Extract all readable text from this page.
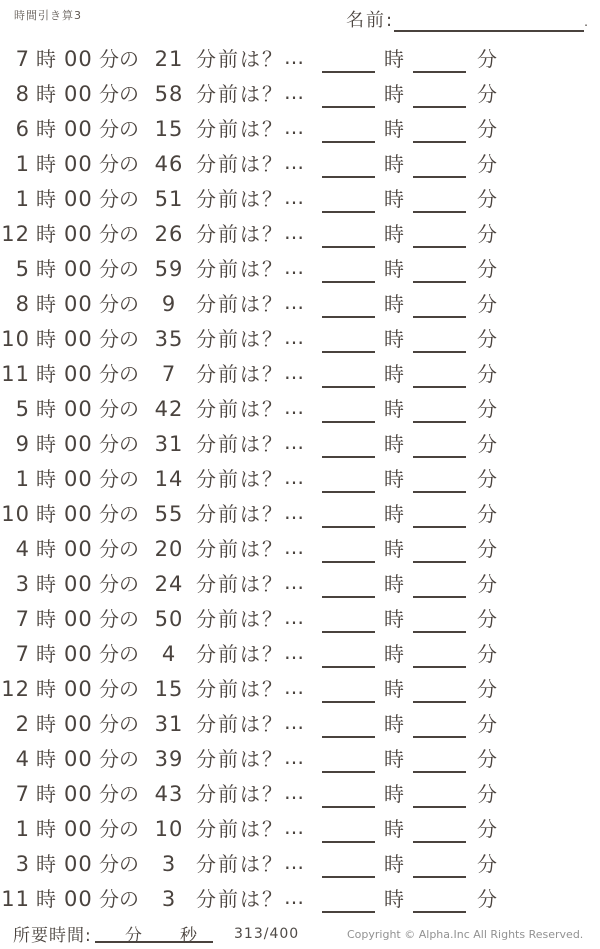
時間引き算3	名前:	.
7 時 00 分の 21 分前は？ …	時	分
8 時 00 分の 58 分前は？ …	時	分
6 時 00 分の 15 分前は？ …	時	分
1 時 00 分の 46 分前は？ …	時	分
1 時 00 分の 51 分前は？ …	時	分
12 時 00 分の 26 分前は？ …	時	分
5 時 00 分の 59 分前は？ …	時	分
8 時 00 分の	9 分前は？ …	時	分
10 時 00 分の 35 分前は？ …	時	分
11 時 00 分の	7 分前は？ …	時	分
5 時 00 分の 42 分前は？ …	時	分
9 時 00 分の 31 分前は？ …	時	分
1 時 00 分の 14 分前は？ …	時	分
10 時 00 分の 55 分前は？ …	時	分
4 時 00 分の 20 分前は？ …	時	分
3 時 00 分の 24 分前は？ …	時	分
7 時 00 分の 50 分前は？ …	時	分
7 時 00 分の	4 分前は？ …	時	分
12 時 00 分の 15 分前は？ …	時	分
2 時 00 分の 31 分前は？ …	時	分
4 時 00 分の 39 分前は？ …	時	分
7 時 00 分の 43 分前は？ …	時	分
1 時 00 分の 10 分前は？ …	時	分
3 時 00 分の	3 分前は？ …	時	分
11 時 00 分の	3 分前は？ …	時	分
所要時間: 分 秒	313/400	Copyright © Alpha.Inc All Rights Reserved.
